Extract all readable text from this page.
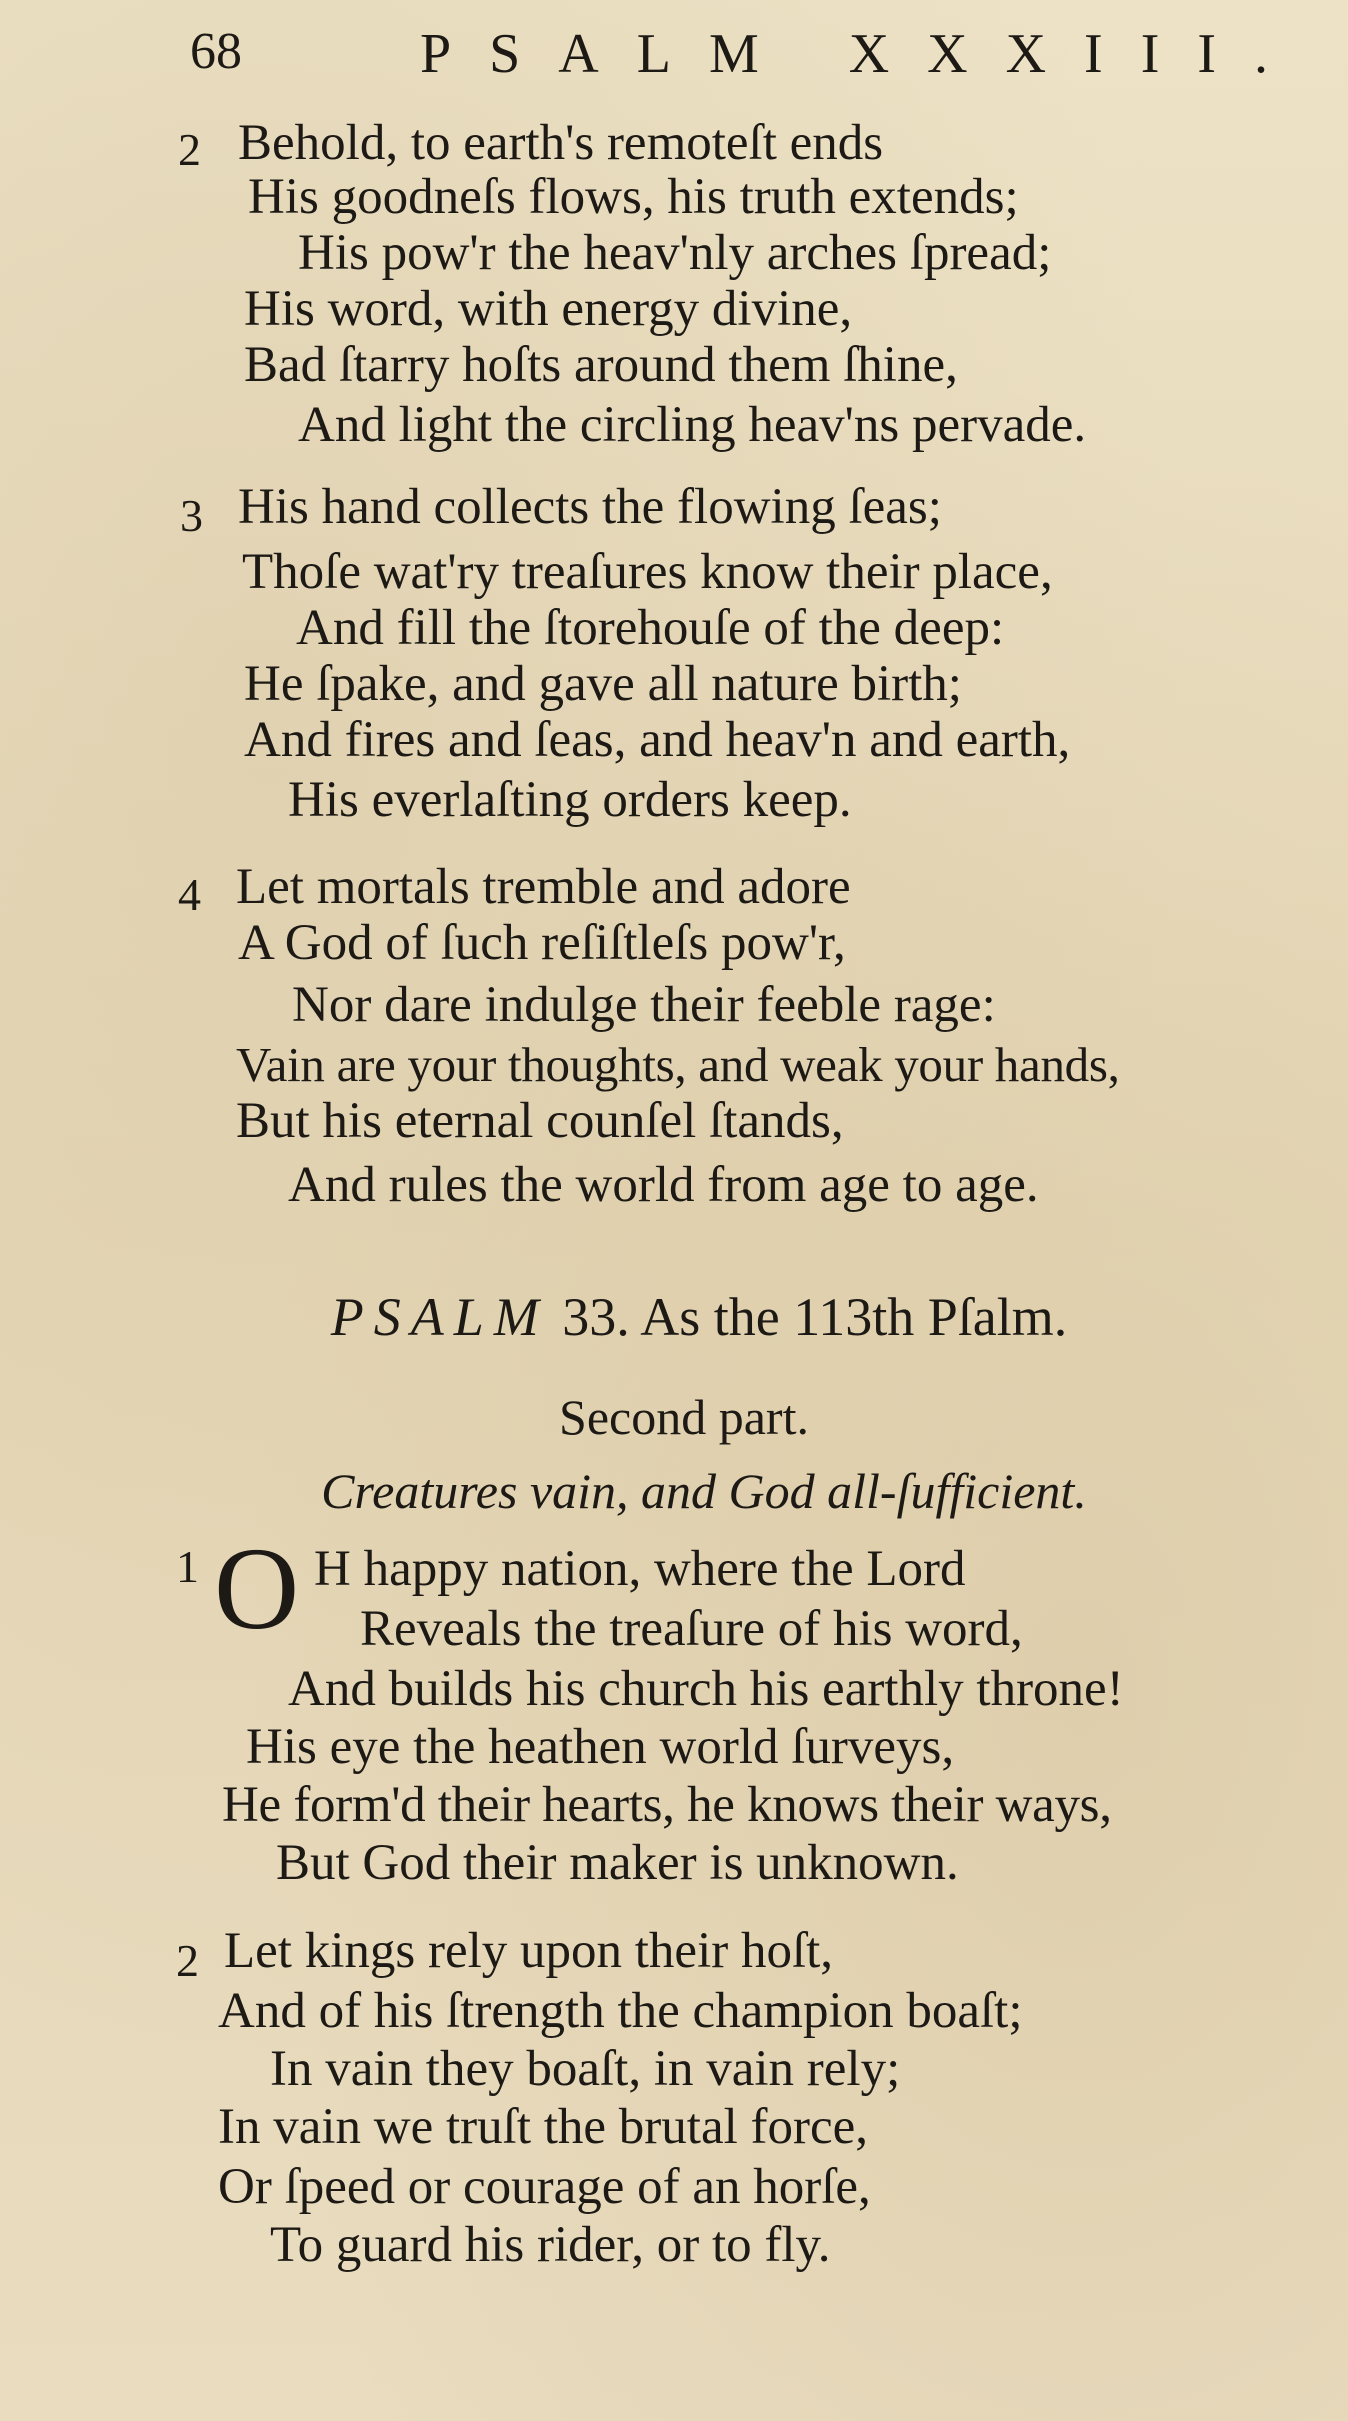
68	PSALM XXXIII.
2 Behold, to earth's remoteſt ends
His goodneſs flows, his truth extends;
His pow'r the heav'nly arches ſpread;
His word, with energy divine,
Bad ſtarry hoſts around them ſhine,
And light the circling heav'ns pervade.
3 His hand collects the flowing ſeas;
Thoſe wat'ry treaſures know their place,
And fill the ſtorehouſe of the deep:
He ſpake, and gave all nature birth;
And fires and ſeas, and heav'n and earth,
His everlaſting orders keep.
4 Let mortals tremble and adore
A God of ſuch reſiſtleſs pow'r,
Nor dare indulge their feeble rage:
Vain are your thoughts, and weak your hands,
But his eternal counſel ſtands,
And rules the world from age to age.
PSALM 33. As the 113th Pſalm.
Second part.
Creatures vain, and God all-ſufficient.
1 O H happy nation, where the Lord
Reveals the treaſure of his word,
And builds his church his earthly throne!
His eye the heathen world ſurveys,
He form'd their hearts, he knows their ways,
But God their maker is unknown.
2 Let kings rely upon their hoſt,
And of his ſtrength the champion boaſt;
In vain they boaſt, in vain rely;
In vain we truſt the brutal force,
Or ſpeed or courage of an horſe,
To guard his rider, or to fly.
